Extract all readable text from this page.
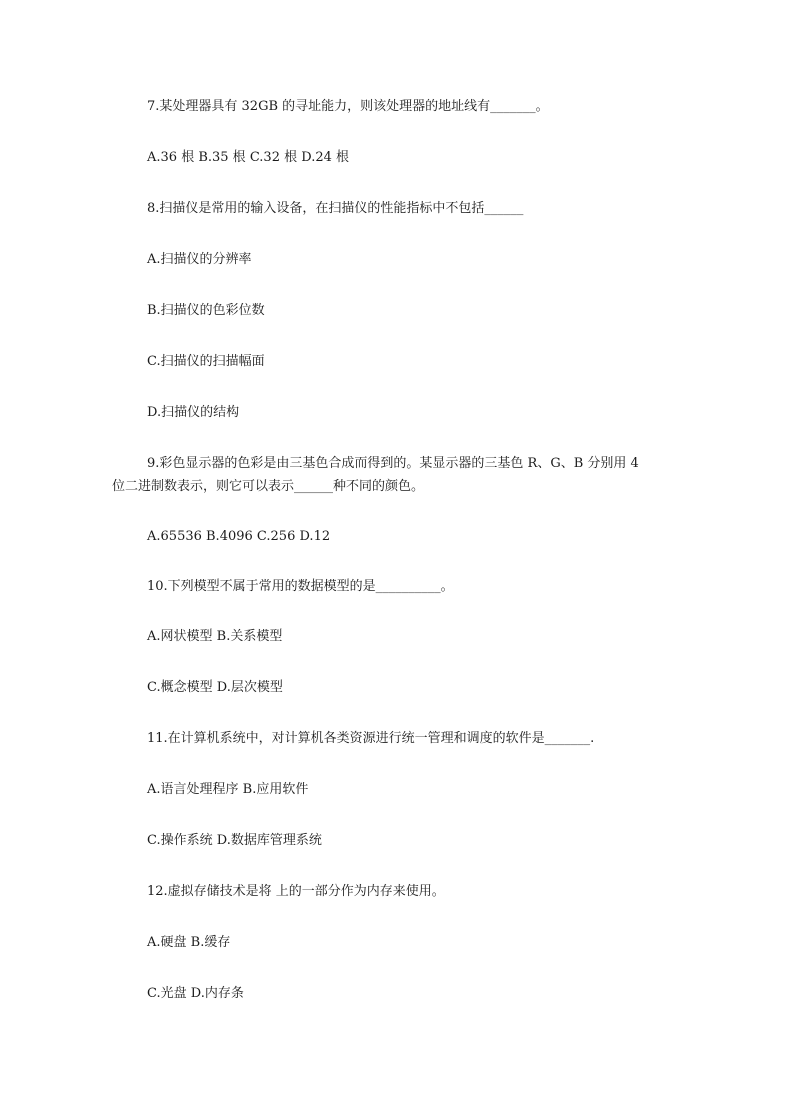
7.某处理器具有 32GB 的寻址能力，则该处理器的地址线有_______。

A.36 根 B.35 根 C.32 根 D.24 根

8.扫描仪是常用的输入设备，在扫描仪的性能指标中不包括______

A.扫描仪的分辨率

B.扫描仪的色彩位数

C.扫描仪的扫描幅面

D.扫描仪的结构

9.彩色显示器的色彩是由三基色合成而得到的。某显示器的三基色 R、G、B 分别用 4

位二进制数表示，则它可以表示______种不同的颜色。

A.65536 B.4096 C.256 D.12

10.下列模型不属于常用的数据模型的是__________。

A.网状模型 B.关系模型

C.概念模型 D.层次模型

11.在计算机系统中，对计算机各类资源进行统一管理和调度的软件是_______.

A.语言处理程序 B.应用软件

C.操作系统 D.数据库管理系统

12.虚拟存储技术是将 上的一部分作为内存来使用。

A.硬盘 B.缓存

C.光盘 D.内存条
